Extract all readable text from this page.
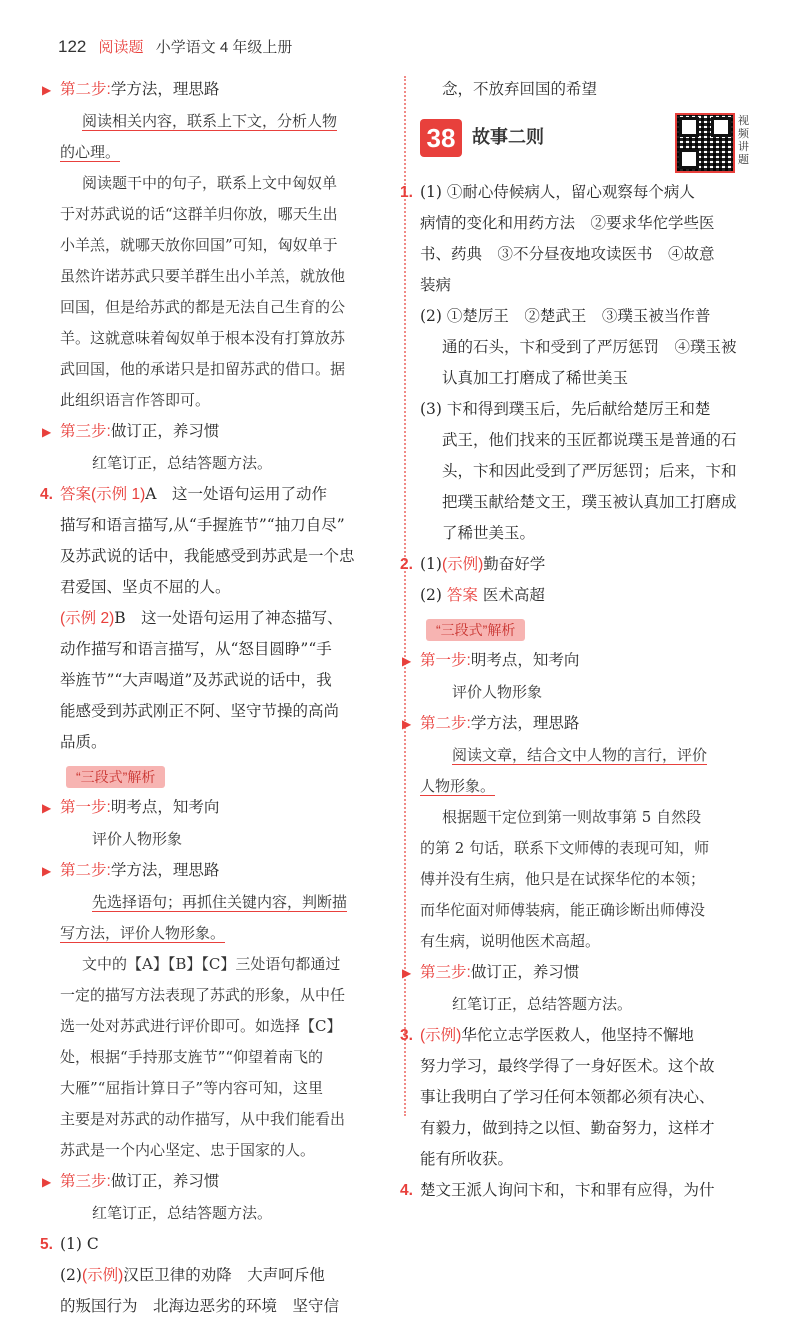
122 阅读题 小学语文 4 年级上册
▶ 第二步:学方法，理思路
阅读相关内容，联系上下文，分析人物
的心理。
阅读题干中的句子，联系上文中匈奴单
于对苏武说的话“这群羊归你放，哪天生出
小羊羔，就哪天放你回国”可知，匈奴单于
虽然许诺苏武只要羊群生出小羊羔，就放他
回国，但是给苏武的都是无法自己生育的公
羊。这就意味着匈奴单于根本没有打算放苏
武回国，他的承诺只是扣留苏武的借口。据
此组织语言作答即可。
▶ 第三步:做订正，养习惯
红笔订正，总结答题方法。
4. 答案(示例 1)A　这一处语句运用了动作
描写和语言描写,从“手握旌节”“抽刀自尽”
及苏武说的话中，我能感受到苏武是一个忠
君爱国、坚贞不屈的人。
(示例 2)B　这一处语句运用了神态描写、
动作描写和语言描写，从“怒目圆睁”“手
举旌节”“大声喝道”及苏武说的话中，我
能感受到苏武刚正不阿、坚守节操的高尚
品质。
“三段式”解析
▶ 第一步:明考点，知考向
评价人物形象
▶ 第二步:学方法，理思路
先选择语句；再抓住关键内容，判断描
写方法，评价人物形象。
文中的【A】【B】【C】三处语句都通过
一定的描写方法表现了苏武的形象，从中任
选一处对苏武进行评价即可。如选择【C】
处，根据“手持那支旌节”“仰望着南飞的
大雁”“屈指计算日子”等内容可知，这里
主要是对苏武的动作描写，从中我们能看出
苏武是一个内心坚定、忠于国家的人。
▶ 第三步:做订正，养习惯
红笔订正，总结答题方法。
5. (1) C
(2)(示例)汉臣卫律的劝降　大声呵斥他
的叛国行为　北海边恶劣的环境　坚守信
念，不放弃回国的希望
38 故事二则
视频讲题
1. (1) ①耐心侍候病人，留心观察每个病人
病情的变化和用药方法　②要求华佗学些医
书、药典　③不分昼夜地攻读医书　④故意
装病
(2) ①楚厉王　②楚武王　③璞玉被当作普
通的石头，卞和受到了严厉惩罚　④璞玉被
认真加工打磨成了稀世美玉
(3) 卞和得到璞玉后，先后献给楚厉王和楚
武王，他们找来的玉匠都说璞玉是普通的石
头，卞和因此受到了严厉惩罚；后来，卞和
把璞玉献给楚文王，璞玉被认真加工打磨成
了稀世美玉。
2. (1)(示例)勤奋好学
(2) 答案 医术高超
“三段式”解析
▶ 第一步:明考点，知考向
评价人物形象
▶ 第二步:学方法，理思路
阅读文章，结合文中人物的言行，评价
人物形象。
根据题干定位到第一则故事第 5 自然段
的第 2 句话，联系下文师傅的表现可知，师
傅并没有生病，他只是在试探华佗的本领；
而华佗面对师傅装病，能正确诊断出师傅没
有生病，说明他医术高超。
▶ 第三步:做订正，养习惯
红笔订正，总结答题方法。
3. (示例)华佗立志学医救人，他坚持不懈地
努力学习，最终学得了一身好医术。这个故
事让我明白了学习任何本领都必须有决心、
有毅力，做到持之以恒、勤奋努力，这样才
能有所收获。
4. 楚文王派人询问卞和，卞和罪有应得，为什
